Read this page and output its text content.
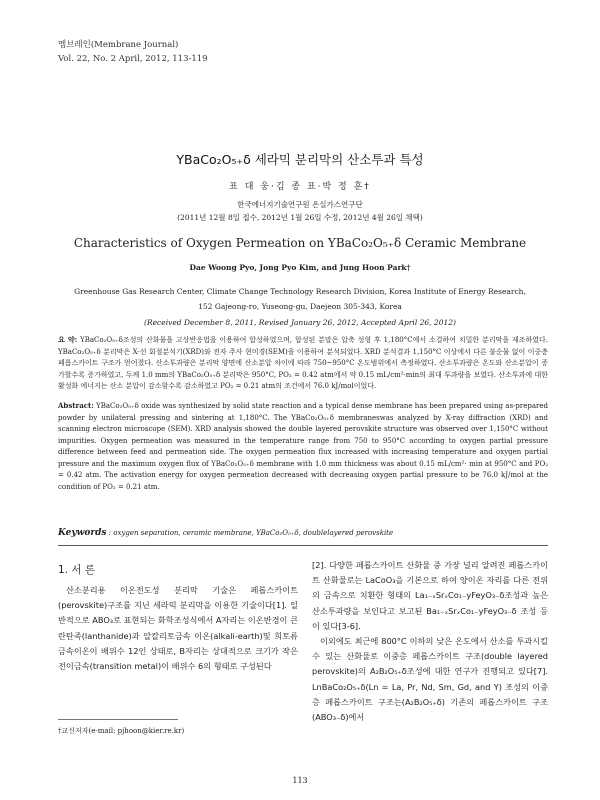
멤브레인(Membrane Journal)
Vol. 22, No. 2 April, 2012, 113-119
YBaCo₂O₅₊δ 세라믹 분리막의 산소투과 특성
표 대 웅·김 종 표·박 정 훈†
한국에너지기술연구원 온실가스연구단
(2011년 12월 8일 접수, 2012년 1월 26일 수정, 2012년 4월 26일 채택)
Characteristics of Oxygen Permeation on YBaCo₂O₅₊δ Ceramic Membrane
Dae Woong Pyo, Jong Pyo Kim, and Jung Hoon Park†
Greenhouse Gas Research Center, Climate Change Technology Research Division, Korea Institute of Energy Research,
152 Gajeong-ro, Yuseong-gu, Daejeon 305-343, Korea
(Received December 8, 2011, Revised January 26, 2012, Accepted April 26, 2012)
요 약: YBaCo₂O₅₊δ조성의 산화물을 고상반응법을 이용하여 합성하였으며, 합성된 분말은 압축 성형 후 1,180°C에서 소결하여 치밀한 분리막을 제조하였다. YBaCo₂O₅₊δ 분리막은 X-선 회절분석기(XRD)와 전자 주사 현미경(SEM)을 이용하여 분석되었다. XRD 분석결과 1,150°C 이상에서 다른 불순물 없이 이중층 페롭스카이트 구조가 얻어졌다. 산소투과량은 분리막 양면에 산소분압 차이에 따라 750~950°C 온도범위에서 측정하였다. 산소투과량은 온도와 산소분압이 증가할수록 증가하였고, 두께 1.0 mm의 YBaCo₂O₅₊δ 분리막은 950°C, PO₂ = 0.42 atm에서 약 0.15 mL/cm²·min의 최대 투과량을 보였다. 산소투과에 대한 활성화 에너지는 산소 분압이 감소함수록 감소하였고 PO₂ = 0.21 atm의 조건에서 76.0 kJ/mol이었다.
Abstract: YBaCo₂O₅₊δ oxide was synthesized by solid state reaction and a typical dense membrane has been prepared using as-prepared powder by unilateral pressing and sintering at 1,180°C. The YBaCo₂O₅₊δ membraneswas analyzed by X-ray diffraction (XRD) and scanning electron microscope (SEM). XRD analysis showed the double layered perovskite structure was observed over 1,150°C without impurities. Oxygen permeation was measured in the temperature range from 750 to 950°C according to oxygen partial pressure difference between feed and permeation side. The oxygen permeation flux increased with increasing temperature and oxygen partial pressure and the maximum oxygen flux of YBaCo₂O₅₊δ membrane with 1.0 mm thickness was about 0.15 mL/cm²· min at 950°C and PO₂ = 0.42 atm. The activation energy for oxygen permeation decreased with decreasing oxygen partial pressure to be 76.0 kJ/mol at the condition of PO₂ = 0.21 atm.
Keywords : oxygen separation, ceramic membrane, YBaCo₂O₅₊δ, doublelayered perovskite
1. 서 론

산소분리용 이온전도성 분리막 기술은 페롭스카이트(perovskite)구조를 지닌 세라믹 분리막을 이용한 기술이다[1]. 일반적으로 ABO₃로 표현되는 화학조성식에서 A자리는 이온반경이 큰 란탄족(lanthanide)과 알칼리토금속 이온(alkali-earth)및 희토류 금속이온이 배위수 12인 상태로, B자리는 상대적으로 크기가 작은 전이금속(transition metal)이 배위수 6의 형태로 구성된다

[2]. 다양한 페롭스카이트 산화물 중 가장 널리 알려진 페롭스카이트 산화물로는 LaCoO₃을 기본으로 하여 양이온 자리를 다른 전위의 금속으로 치환한 형태의 La₁₋ₓSrₓCo₁₋yFeyO₃₋δ조성과 높은 산소투과량을 보인다고 보고된 Ba₁₋ₓSrₓCo₁₋yFeyO₃₋δ 조성 등이 있다[3-6].

이외에도 최근에 800°C 이하의 낮은 온도에서 산소를 투과시킬 수 있는 산화물로 이중층 페롭스카이트 구조(double layered perovskite)의 A₂B₂O₅₊δ조성에 대한 연구가 진행되고 있다[7]. LnBaCo₂O₅₊δ(Ln = La, Pr, Nd, Sm, Gd, and Y) 조성의 이중층 페롭스카이트 구조는(A₂B₂O₅₊δ) 기존의 페롭스카이트 구조(ABO₃₋δ)에서

†교신저자(e-mail: pjhoon@kier.re.kr)
113
